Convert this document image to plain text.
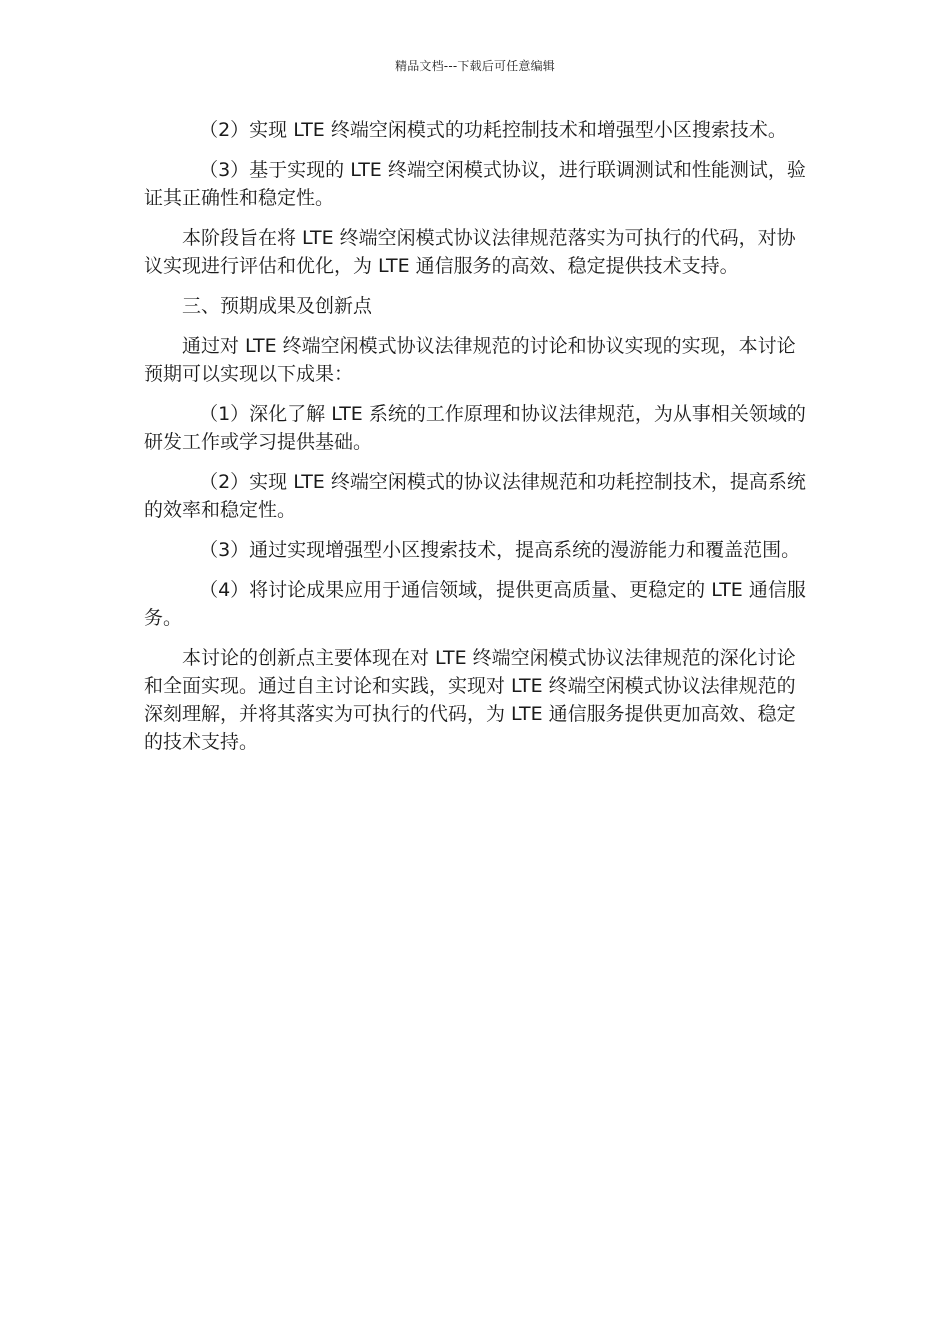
精品文档---下载后可任意编辑

（2）实现 LTE 终端空闲模式的功耗控制技术和增强型小区搜索技术。

（3）基于实现的 LTE 终端空闲模式协议，进行联调测试和性能测试，验证其正确性和稳定性。

本阶段旨在将 LTE 终端空闲模式协议法律规范落实为可执行的代码，对协议实现进行评估和优化，为 LTE 通信服务的高效、稳定提供技术支持。

三、预期成果及创新点

通过对 LTE 终端空闲模式协议法律规范的讨论和协议实现的实现，本讨论预期可以实现以下成果：

（1）深化了解 LTE 系统的工作原理和协议法律规范，为从事相关领域的研发工作或学习提供基础。

（2）实现 LTE 终端空闲模式的协议法律规范和功耗控制技术，提高系统的效率和稳定性。

（3）通过实现增强型小区搜索技术，提高系统的漫游能力和覆盖范围。

（4）将讨论成果应用于通信领域，提供更高质量、更稳定的 LTE 通信服务。

本讨论的创新点主要体现在对 LTE 终端空闲模式协议法律规范的深化讨论和全面实现。通过自主讨论和实践，实现对 LTE 终端空闲模式协议法律规范的深刻理解，并将其落实为可执行的代码，为 LTE 通信服务提供更加高效、稳定的技术支持。
